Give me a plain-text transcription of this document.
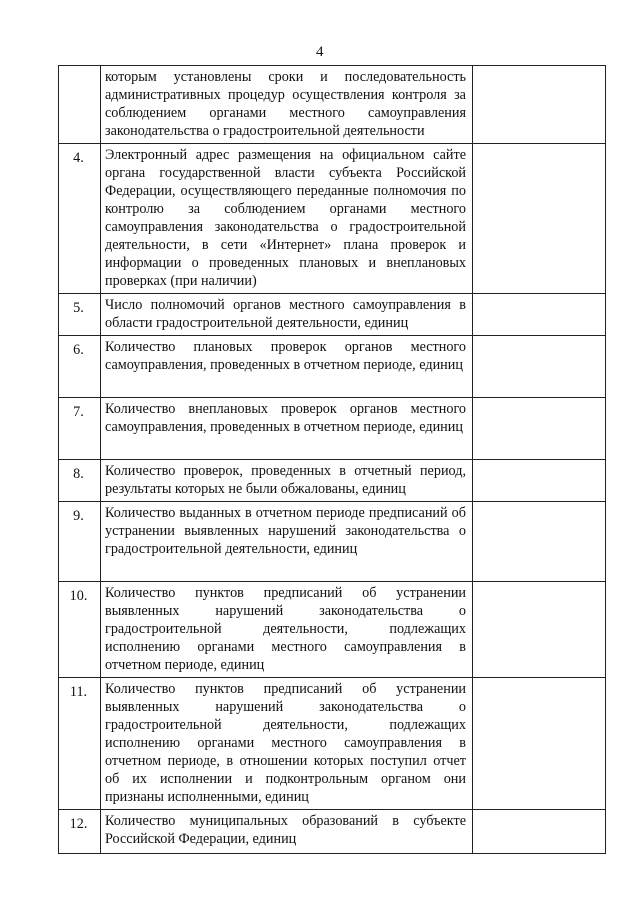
4
	которым установлены сроки и последовательность административных процедур осуществления контроля за соблюдением органами местного самоуправления законодательства о градостроительной деятельности	
4.	Электронный адрес размещения на официальном сайте органа государственной власти субъекта Российской Федерации, осуществляющего переданные полномочия по контролю за соблюдением органами местного самоуправления законодательства о градостроительной деятельности, в сети «Интернет» плана проверок и информации о проведенных плановых и внеплановых проверках (при наличии)	
5.	Число полномочий органов местного самоуправления в области градостроительной деятельности, единиц	
6.	Количество плановых проверок органов местного самоуправления, проведенных в отчетном периоде, единиц	
7.	Количество внеплановых проверок органов местного самоуправления, проведенных в отчетном периоде, единиц	
8.	Количество проверок, проведенных в отчетный период, результаты которых не были обжалованы, единиц	
9.	Количество выданных в отчетном периоде предписаний об устранении выявленных нарушений законодательства о градостроительной деятельности, единиц	
10.	Количество пунктов предписаний об устранении выявленных нарушений законодательства о градостроительной деятельности, подлежащих исполнению органами местного самоуправления в отчетном периоде, единиц	
11.	Количество пунктов предписаний об устранении выявленных нарушений законодательства о градостроительной деятельности, подлежащих исполнению органами местного самоуправления в отчетном периоде, в отношении которых поступил отчет об их исполнении и подконтрольным органом они признаны исполненными, единиц	
12.	Количество муниципальных образований в субъекте Российской Федерации, единиц	
